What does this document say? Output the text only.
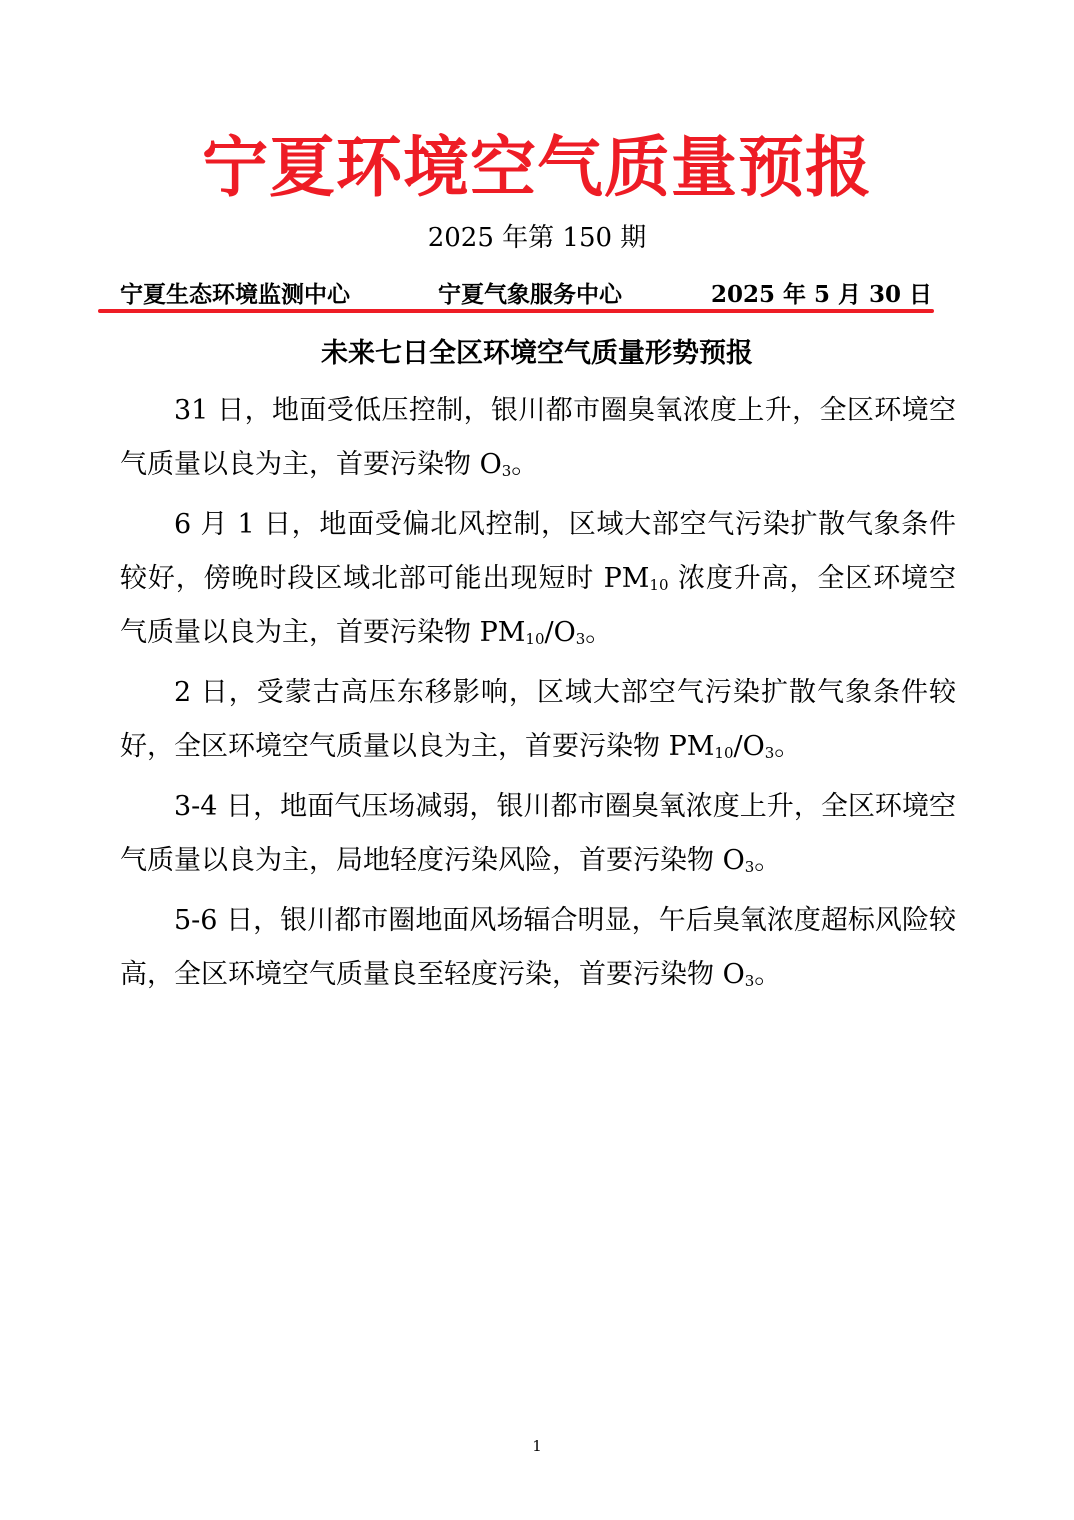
宁夏环境空气质量预报
2025 年第 150 期
宁夏生态环境监测中心	宁夏气象服务中心	2025 年 5 月 30 日
未来七日全区环境空气质量形势预报

31 日，地面受低压控制，银川都市圈臭氧浓度上升，全区环境空气质量以良为主，首要污染物 $O_3$。

6 月 1 日，地面受偏北风控制，区域大部空气污染扩散气象条件较好，傍晚时段区域北部可能出现短时 $PM_{10}$ 浓度升高，全区环境空气质量以良为主，首要污染物 $PM_{10}/O_3$。

2 日，受蒙古高压东移影响，区域大部空气污染扩散气象条件较好，全区环境空气质量以良为主，首要污染物 $PM_{10}/O_3$。

3-4 日，地面气压场减弱，银川都市圈臭氧浓度上升，全区环境空气质量以良为主，局地轻度污染风险，首要污染物 $O_3$。

5-6 日，银川都市圈地面风场辐合明显，午后臭氧浓度超标风险较高，全区环境空气质量良至轻度污染，首要污染物 $O_3$。

1
